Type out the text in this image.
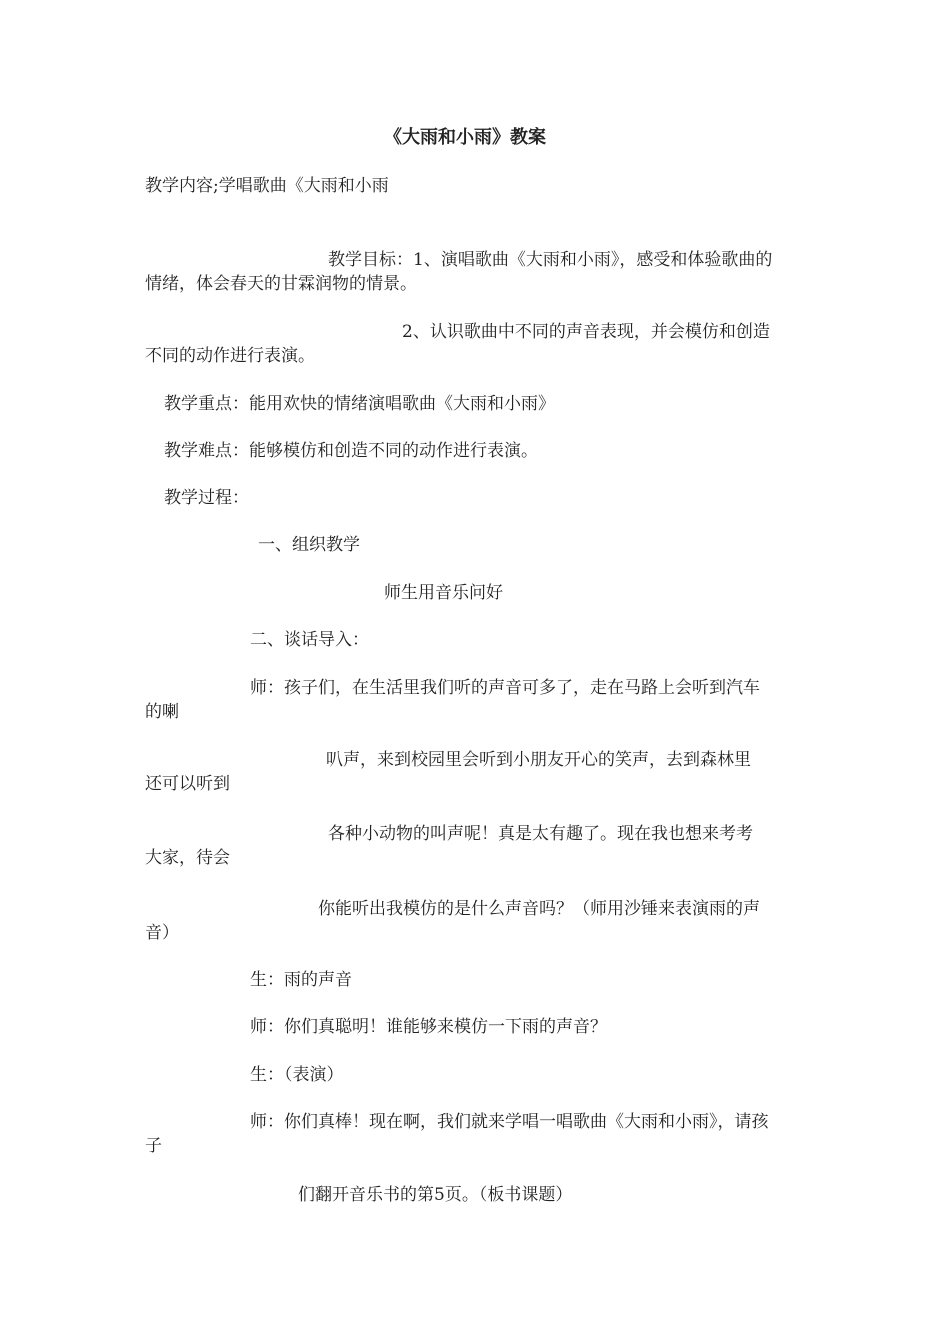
《大雨和小雨》教案
教学内容;学唱歌曲《大雨和小雨
教学目标：1、演唱歌曲《大雨和小雨》，感受和体验歌曲的
情绪，体会春天的甘霖润物的情景。
2、认识歌曲中不同的声音表现，并会模仿和创造
不同的动作进行表演。
教学重点：能用欢快的情绪演唱歌曲《大雨和小雨》
教学难点：能够模仿和创造不同的动作进行表演。
教学过程：
一、组织教学
师生用音乐问好
二、谈话导入：
师：孩子们，在生活里我们听的声音可多了，走在马路上会听到汽车
的喇
叭声，来到校园里会听到小朋友开心的笑声，去到森林里
还可以听到
各种小动物的叫声呢！真是太有趣了。现在我也想来考考
大家，待会
你能听出我模仿的是什么声音吗？（师用沙锤来表演雨的声
音）
生：雨的声音
师：你们真聪明！谁能够来模仿一下雨的声音？
生：（表演）
师：你们真棒！现在啊，我们就来学唱一唱歌曲《大雨和小雨》，请孩
子
们翻开音乐书的第5页。（板书课题）
